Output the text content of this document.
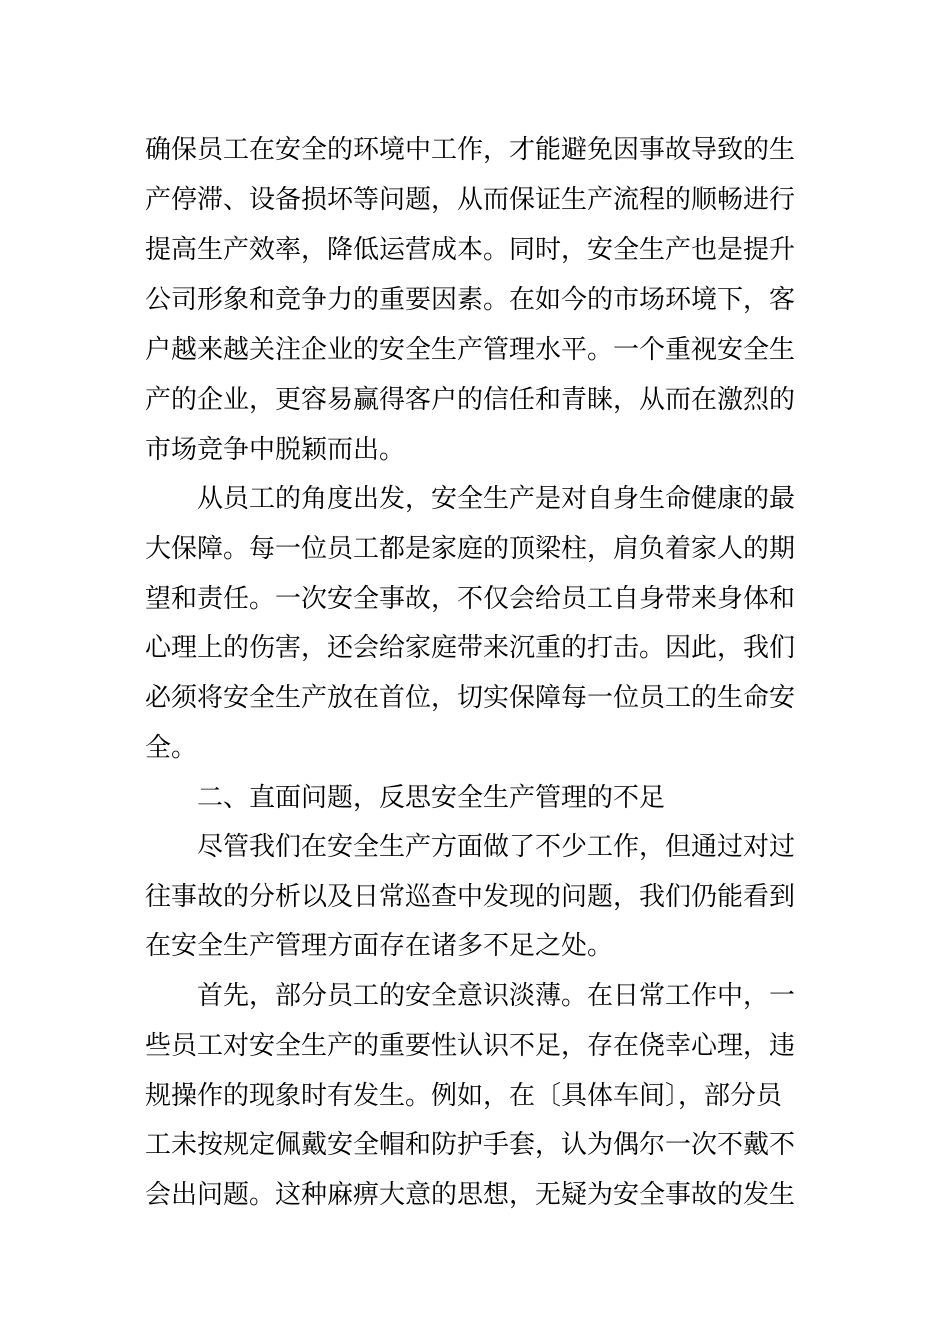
确保员工在安全的环境中工作，才能避免因事故导致的生
产停滞、设备损坏等问题，从而保证生产流程的顺畅进行
提高生产效率，降低运营成本。同时，安全生产也是提升
公司形象和竞争力的重要因素。在如今的市场环境下，客
户越来越关注企业的安全生产管理水平。一个重视安全生
产的企业，更容易赢得客户的信任和青睐，从而在激烈的
市场竞争中脱颖而出。
从员工的角度出发，安全生产是对自身生命健康的最
大保障。每一位员工都是家庭的顶梁柱，肩负着家人的期
望和责任。一次安全事故，不仅会给员工自身带来身体和
心理上的伤害，还会给家庭带来沉重的打击。因此，我们
必须将安全生产放在首位，切实保障每一位员工的生命安
全。
二、直面问题，反思安全生产管理的不足
尽管我们在安全生产方面做了不少工作，但通过对过
往事故的分析以及日常巡查中发现的问题，我们仍能看到
在安全生产管理方面存在诸多不足之处。
首先，部分员工的安全意识淡薄。在日常工作中，一
些员工对安全生产的重要性认识不足，存在侥幸心理，违
规操作的现象时有发生。例如，在〔具体车间〕，部分员
工未按规定佩戴安全帽和防护手套，认为偶尔一次不戴不
会出问题。这种麻痹大意的思想，无疑为安全事故的发生
